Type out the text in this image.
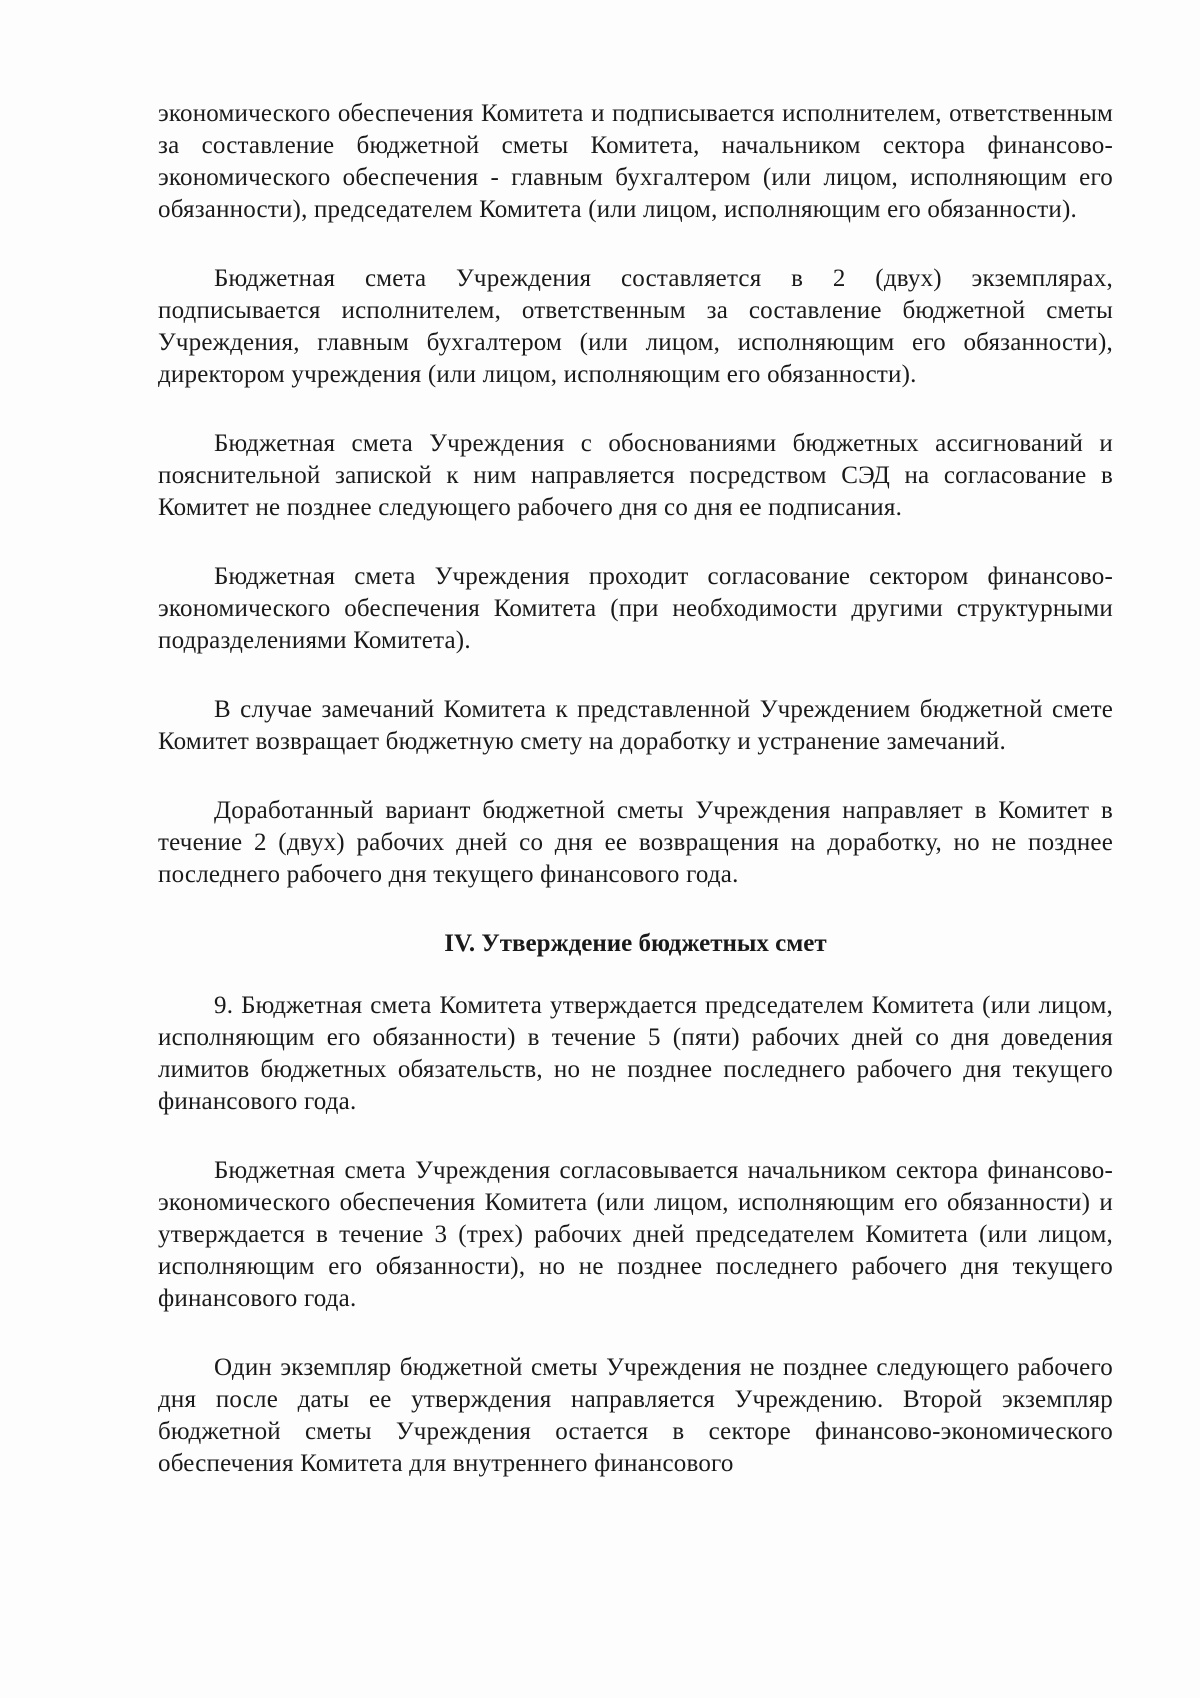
экономического обеспечения Комитета и подписывается исполнителем, ответственным за составление бюджетной сметы Комитета, начальником сектора финансово-экономического обеспечения - главным бухгалтером (или лицом, исполняющим его обязанности), председателем Комитета (или лицом, исполняющим его обязанности).

Бюджетная смета Учреждения составляется в 2 (двух) экземплярах, подписывается исполнителем, ответственным за составление бюджетной сметы Учреждения, главным бухгалтером (или лицом, исполняющим его обязанности), директором учреждения (или лицом, исполняющим его обязанности).

Бюджетная смета Учреждения с обоснованиями бюджетных ассигнований и пояснительной запиской к ним направляется посредством СЭД на согласование в Комитет не позднее следующего рабочего дня со дня ее подписания.

Бюджетная смета Учреждения проходит согласование сектором финансово-экономического обеспечения Комитета (при необходимости другими структурными подразделениями Комитета).

В случае замечаний Комитета к представленной Учреждением бюджетной смете Комитет возвращает бюджетную смету на доработку и устранение замечаний.

Доработанный вариант бюджетной сметы Учреждения направляет в Комитет в течение 2 (двух) рабочих дней со дня ее возвращения на доработку, но не позднее последнего рабочего дня текущего финансового года.

IV. Утверждение бюджетных смет

9. Бюджетная смета Комитета утверждается председателем Комитета (или лицом, исполняющим его обязанности) в течение 5 (пяти) рабочих дней со дня доведения лимитов бюджетных обязательств, но не позднее последнего рабочего дня текущего финансового года.

Бюджетная смета Учреждения согласовывается начальником сектора финансово-экономического обеспечения Комитета (или лицом, исполняющим его обязанности) и утверждается в течение 3 (трех) рабочих дней председателем Комитета (или лицом, исполняющим его обязанности), но не позднее последнего рабочего дня текущего финансового года.

Один экземпляр бюджетной сметы Учреждения не позднее следующего рабочего дня после даты ее утверждения направляется Учреждению. Второй экземпляр бюджетной сметы Учреждения остается в секторе финансово-экономического обеспечения Комитета для внутреннего финансового
